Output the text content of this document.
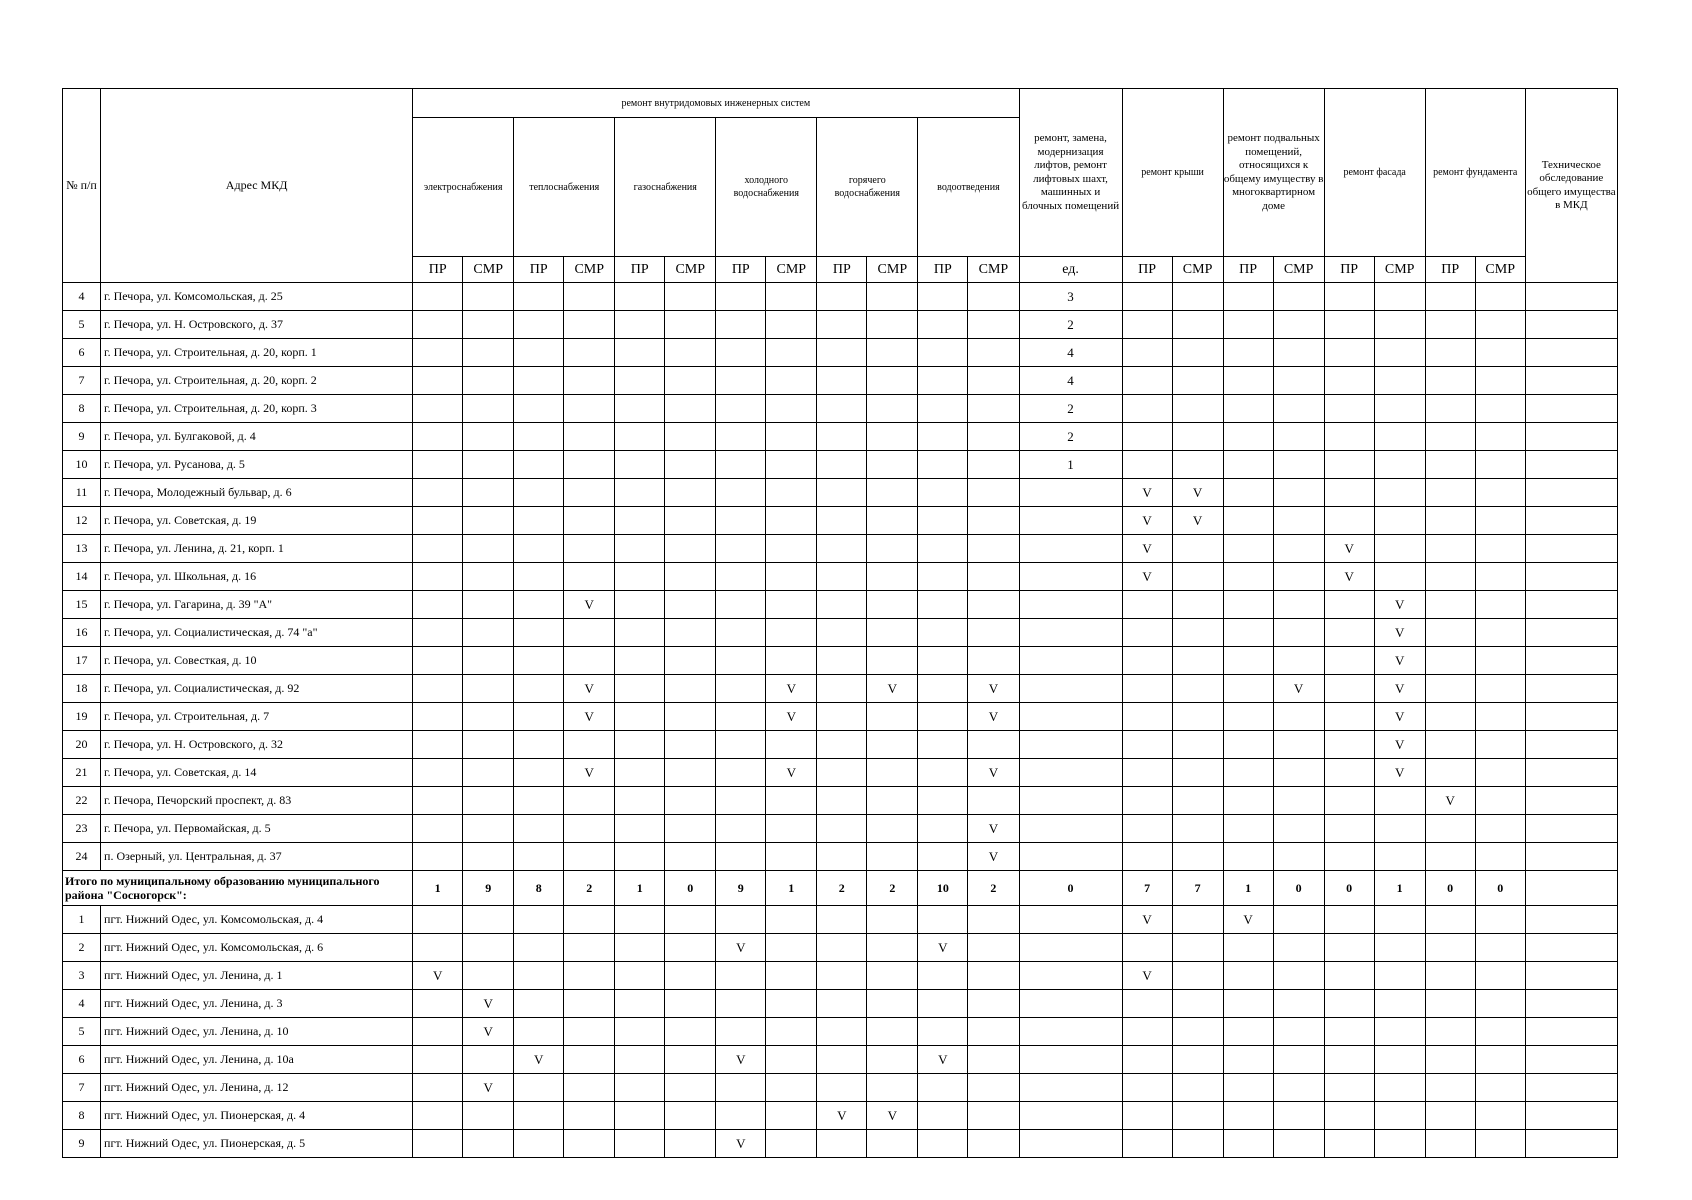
№ п/п	Адрес МКД	ремонт внутридомовых инженерных систем												ремонт, замена, модернизация лифтов, ремонт лифтовых шахт, машинных и блочных помещений	ремонт крыши		ремонт подвальных помещений, относящихся к общему имуществу в многоквартирном доме		ремонт фасада		ремонт фундамента		Техническое обследование общего имущества в МКД
		электроснабжения		теплоснабжения		газоснабжения		холодного водоснабжения		горячего водоснабжения		водоотведения											
		ПР	СМР	ПР	СМР	ПР	СМР	ПР	СМР	ПР	СМР	ПР	СМР	ед.	ПР	СМР	ПР	СМР	ПР	СМР	ПР	СМР	
4	г. Печора, ул. Комсомольская, д. 25													3									
5	г. Печора, ул. Н. Островского, д. 37													2									
6	г. Печора, ул. Строительная, д. 20, корп. 1													4									
7	г. Печора, ул. Строительная, д. 20, корп. 2													4									
8	г. Печора, ул. Строительная, д. 20, корп. 3													2									
9	г. Печора, ул. Булгаковой, д. 4													2									
10	г. Печора, ул. Русанова, д. 5													1									
11	г. Печора, Молодежный бульвар, д. 6														V	V							
12	г. Печора, ул. Советская, д. 19														V	V							
13	г. Печора, ул. Ленина, д. 21, корп. 1														V				V				
14	г. Печора, ул. Школьная, д. 16														V				V				
15	г. Печора, ул. Гагарина, д. 39 "А"				V															V			
16	г. Печора, ул. Социалистическая, д. 74 "а"																			V			
17	г. Печора, ул. Совесткая, д. 10																			V			
18	г. Печора, ул. Социалистическая, д. 92				V				V		V		V					V		V			
19	г. Печора, ул. Строительная, д. 7				V				V				V							V			
20	г. Печора, ул. Н. Островского, д. 32																			V			
21	г. Печора, ул. Советская, д. 14				V				V				V							V			
22	г. Печора, Печорский проспект, д. 83																				V		
23	г. Печора, ул. Первомайская, д. 5												V										
24	п. Озерный, ул. Центральная, д. 37												V										
Итого по муниципальному образованию муниципального района "Сосногорск":		1	9	8	2	1	0	9	1	2	2	10	2	0	7	7	1	0	0	1	0	0	
1	пгт. Нижний Одес, ул. Комсомольская, д. 4														V		V						
2	пгт. Нижний Одес, ул. Комсомольская, д. 6							V				V											
3	пгт. Нижний Одес, ул. Ленина, д. 1	V													V								
4	пгт. Нижний Одес, ул. Ленина, д. 3		V																				
5	пгт. Нижний Одес, ул. Ленина, д. 10		V																				
6	пгт. Нижний Одес, ул. Ленина, д. 10а			V				V				V											
7	пгт. Нижний Одес, ул. Ленина, д. 12		V																				
8	пгт. Нижний Одес, ул. Пионерская, д. 4									V	V												
9	пгт. Нижний Одес, ул. Пионерская, д. 5							V															
